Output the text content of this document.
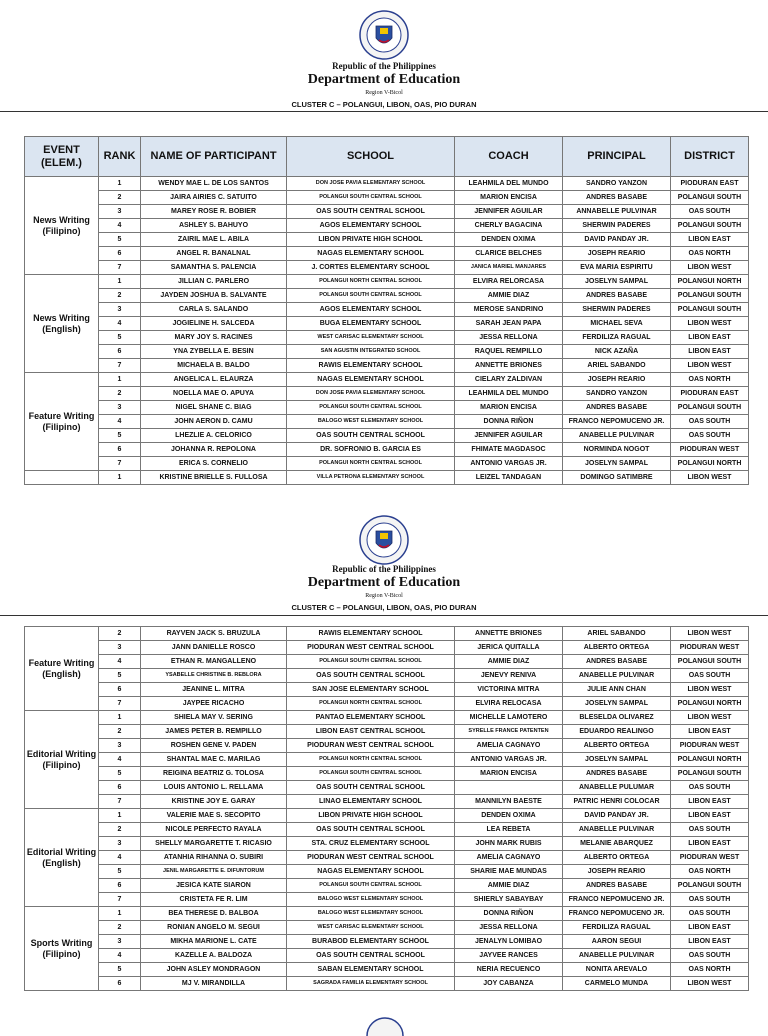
Republic of the Philippines
Department of Education
Region V-Bicol
CLUSTER C – POLANGUI, LIBON, OAS, PIO DURAN
EVENT (ELEM.)	RANK	NAME OF PARTICIPANT	SCHOOL	COACH	PRINCIPAL	DISTRICT
News Writing (Filipino)	1	WENDY MAE L. DE LOS SANTOS	DON JOSE PAVIA ELEMENTARY SCHOOL	LEAHMILA DEL MUNDO	SANDRO YANZON	PIODURAN EAST
	2	JAIRA AIRIES C. SATUITO	POLANGUI SOUTH CENTRAL SCHOOL	MARION ENCISA	ANDRES BASABE	POLANGUI SOUTH
	3	MAREY ROSE R. BOBIER	OAS SOUTH CENTRAL SCHOOL	JENNIFER AGUILAR	ANNABELLE PULVINAR	OAS SOUTH
	4	ASHLEY S. BAHUYO	AGOS ELEMENTARY SCHOOL	CHERLY BAGACINA	SHERWIN PADERES	POLANGUI SOUTH
	5	ZAIRIL MAE L. ABILA	LIBON PRIVATE HIGH SCHOOL	DENDEN OXIMA	DAVID PANDAY JR.	LIBON EAST
	6	ANGEL R. BANALNAL	NAGAS ELEMENTARY SCHOOL	CLARICE BELCHES	JOSEPH REARIO	OAS NORTH
	7	SAMANTHA S. PALENCIA	J. CORTES ELEMENTARY SCHOOL	JANICA MARIEL MANJARES	EVA MARIA ESPIRITU	LIBON WEST
News Writing (English)	1	JILLIAN C. PARLERO	POLANGUI NORTH CENTRAL SCHOOL	ELVIRA RELORCASA	JOSELYN SAMPAL	POLANGUI NORTH
	2	JAYDEN JOSHUA B. SALVANTE	POLANGUI SOUTH CENTRAL SCHOOL	AMMIE DIAZ	ANDRES BASABE	POLANGUI SOUTH
	3	CARLA S. SALANDO	AGOS ELEMENTARY SCHOOL	MEROSE SANDRINO	SHERWIN PADERES	POLANGUI SOUTH
	4	JOGIELINE H. SALCEDA	BUGA ELEMENTARY SCHOOL	SARAH JEAN PAPA	MICHAEL SEVA	LIBON WEST
	5	MARY JOY S. RACINES	WEST CARISAC ELEMENTARY SCHOOL	JESSA RELLONA	FERDILIZA RAGUAL	LIBON EAST
	6	YNA ZYBELLA E. BESIN	SAN AGUSTIN INTEGRATED SCHOOL	RAQUEL REMPILLO	NICK AZAÑA	LIBON EAST
	7	MICHAELA B. BALDO	RAWIS ELEMENTARY SCHOOL	ANNETTE BRIONES	ARIEL SABANDO	LIBON WEST
Feature Writing (Filipino)	1	ANGELICA L. ELAURZA	NAGAS ELEMENTARY SCHOOL	CIELARY ZALDIVAN	JOSEPH REARIO	OAS NORTH
	2	NOELLA MAE O. APUYA	DON JOSE PAVIA ELEMENTARY SCHOOL	LEAHMILA DEL MUNDO	SANDRO YANZON	PIODURAN EAST
	3	NIGEL SHANE C. BIAG	POLANGUI SOUTH CENTRAL SCHOOL	MARION ENCISA	ANDRES BASABE	POLANGUI SOUTH
	4	JOHN AERON D. CAMU	BALOGO WEST ELEMENTARY SCHOOL	DONNA RIÑON	FRANCO NEPOMUCENO JR.	OAS SOUTH
	5	LHEZLIE A. CELORICO	OAS SOUTH CENTRAL SCHOOL	JENNIFER AGUILAR	ANABELLE PULVINAR	OAS SOUTH
	6	JOHANNA R. REPOLONA	DR. SOFRONIO B. GARCIA ES	FHIMATE MAGDASOC	NORMINDA NOGOT	PIODURAN WEST
	7	ERICA S. CORNELIO	POLANGUI NORTH CENTRAL SCHOOL	ANTONIO VARGAS JR.	JOSELYN SAMPAL	POLANGUI NORTH
	1	KRISTINE BRIELLE S. FULLOSA	VILLA PETRONA ELEMENTARY SCHOOL	LEIZEL TANDAGAN	DOMINGO SATIMBRE	LIBON WEST
Republic of the Philippines
Department of Education
Region V-Bicol
CLUSTER C – POLANGUI, LIBON, OAS, PIO DURAN
Feature Writing (English)	2	RAYVEN JACK S. BRUZULA	RAWIS ELEMENTARY SCHOOL	ANNETTE BRIONES	ARIEL SABANDO	LIBON WEST
	3	JANN DANIELLE ROSCO	PIODURAN WEST CENTRAL SCHOOL	JERICA QUITALLA	ALBERTO ORTEGA	PIODURAN WEST
	4	ETHAN R. MANGALLENO	POLANGUI SOUTH CENTRAL SCHOOL	AMMIE DIAZ	ANDRES BASABE	POLANGUI SOUTH
	5	YSABELLE CHRISTINE B. REBLORA	OAS SOUTH CENTRAL SCHOOL	JENEVY RENIVA	ANABELLE PULVINAR	OAS SOUTH
	6	JEANINE L. MITRA	SAN JOSE ELEMENTARY SCHOOL	VICTORINA MITRA	JULIE ANN CHAN	LIBON WEST
	7	JAYPEE RICACHO	POLANGUI NORTH CENTRAL SCHOOL	ELVIRA RELOCASA	JOSELYN SAMPAL	POLANGUI NORTH
Editorial Writing (Filipino)	1	SHIELA MAY V. SERING	PANTAO ELEMENTARY SCHOOL	MICHELLE LAMOTERO	BLESELDA OLIVAREZ	LIBON WEST
	2	JAMES PETER B. REMPILLO	LIBON EAST CENTRAL SCHOOL	SYRELLE FRANCE PATENTEN	EDUARDO REALINGO	LIBON EAST
	3	ROSHEN GENE V. PADEN	PIODURAN WEST CENTRAL SCHOOL	AMELIA CAGNAYO	ALBERTO ORTEGA	PIODURAN WEST
	4	SHANTAL MAE C. MARILAG	POLANGUI NORTH CENTRAL SCHOOL	ANTONIO VARGAS JR.	JOSELYN SAMPAL	POLANGUI NORTH
	5	REIGINA BEATRIZ G. TOLOSA	POLANGUI SOUTH CENTRAL SCHOOL	MARION ENCISA	ANDRES BASABE	POLANGUI SOUTH
	6	LOUIS ANTONIO L. RELLAMA	OAS SOUTH CENTRAL SCHOOL		ANABELLE PULUMAR	OAS SOUTH
	7	KRISTINE JOY E. GARAY	LINAO ELEMENTARY SCHOOL	MANNILYN BAESTE	PATRIC HENRI COLOCAR	LIBON EAST
Editorial Writing (English)	1	VALERIE MAE S. SECOPITO	LIBON PRIVATE HIGH SCHOOL	DENDEN OXIMA	DAVID PANDAY JR.	LIBON EAST
	2	NICOLE PERFECTO RAYALA	OAS SOUTH CENTRAL SCHOOL	LEA REBETA	ANABELLE PULVINAR	OAS SOUTH
	3	SHELLY MARGARETTE T. RICASIO	STA. CRUZ ELEMENTARY SCHOOL	JOHN MARK RUBIS	MELANIE ABARQUEZ	LIBON EAST
	4	ATANHIA RIHANNA O. SUBIRI	PIODURAN WEST CENTRAL SCHOOL	AMELIA CAGNAYO	ALBERTO ORTEGA	PIODURAN WEST
	5	JENIL MARGARETTE E. DIFUNTORUM	NAGAS ELEMENTARY SCHOOL	SHARIE MAE MUNDAS	JOSEPH REARIO	OAS NORTH
	6	JESICA KATE SIARON	POLANGUI SOUTH CENTRAL SCHOOL	AMMIE DIAZ	ANDRES BASABE	POLANGUI SOUTH
	7	CRISTETA FE R. LIM	BALOGO WEST ELEMENTARY SCHOOL	SHIERLY SABAYBAY	FRANCO NEPOMUCENO JR.	OAS SOUTH
Sports Writing (Filipino)	1	BEA THERESE D. BALBOA	BALOGO WEST ELEMENTARY SCHOOL	DONNA RIÑON	FRANCO NEPOMUCENO JR.	OAS SOUTH
	2	RONIAN ANGELO M. SEGUI	WEST CARISAC ELEMENTARY SCHOOL	JESSA RELLONA	FERDILIZA RAGUAL	LIBON EAST
	3	MIKHA MARIONE L. CATE	BURABOD ELEMENTARY SCHOOL	JENALYN LOMIBAO	AARON SEGUI	LIBON EAST
	4	KAZELLE A. BALDOZA	OAS SOUTH CENTRAL SCHOOL	JAYVEE RANCES	ANABELLE PULVINAR	OAS SOUTH
	5	JOHN ASLEY MONDRAGON	SABAN ELEMENTARY SCHOOL	NERIA RECUENCO	NONITA AREVALO	OAS NORTH
	6	MJ V. MIRANDILLA	SAGRADA FAMILIA ELEMENTARY SCHOOL	JOY CABANZA	CARMELO MUNDA	LIBON WEST
